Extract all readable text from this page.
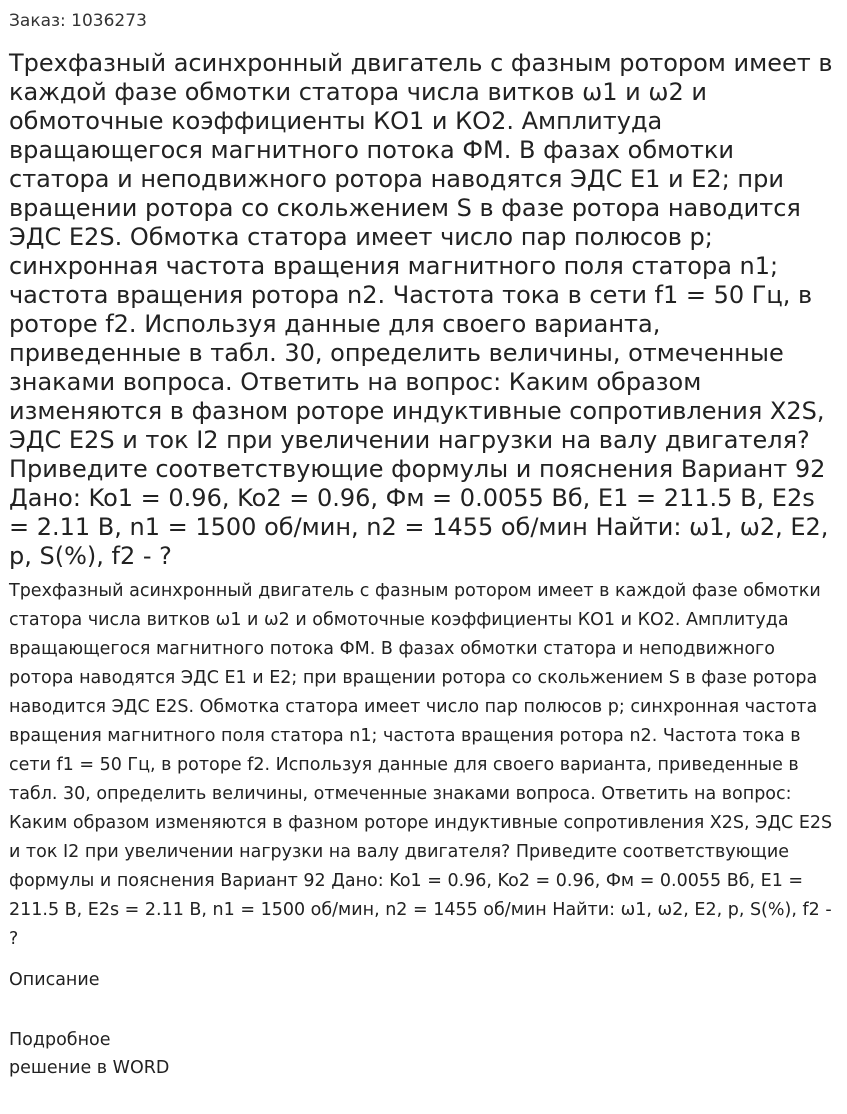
Заказ: 1036273
Трехфазный асинхронный двигатель с фазным ротором имеет в каждой фазе обмотки статора числа витков ω1 и ω2 и обмоточные коэффициенты КО1 и КО2. Амплитуда вращающегося магнитного потока ФМ. В фазах обмотки статора и неподвижного ротора наводятся ЭДС Е1 и Е2; при вращении ротора со скольжением S в фазе ротора наводится ЭДС E2S. Обмотка статора имеет число пар полюсов p; синхронная частота вращения магнитного поля статора n1; частота вращения ротора n2. Частота тока в сети f1 = 50 Гц, в роторе f2. Используя данные для своего варианта, приведенные в табл. 30, определить величины, отмеченные знаками вопроса. Ответить на вопрос: Каким образом изменяются в фазном роторе индуктивные сопротивления X2S, ЭДС E2S и ток I2 при увеличении нагрузки на валу двигателя? Приведите соответствующие формулы и пояснения Вариант 92 Дано: Ko1 = 0.96, Ko2 = 0.96, Фм = 0.0055 Вб, E1 = 211.5 В, E2s = 2.11 В, n1 = 1500 об/мин, n2 = 1455 об/мин Найти: ω1, ω2, E2, p, S(%), f2 - ?

Трехфазный асинхронный двигатель с фазным ротором имеет в каждой фазе обмотки статора числа витков ω1 и ω2 и обмоточные коэффициенты КО1 и КО2. Амплитуда вращающегося магнитного потока ФМ. В фазах обмотки статора и неподвижного ротора наводятся ЭДС Е1 и Е2; при вращении ротора со скольжением S в фазе ротора наводится ЭДС E2S. Обмотка статора имеет число пар полюсов p; синхронная частота вращения магнитного поля статора n1; частота вращения ротора n2. Частота тока в сети f1 = 50 Гц, в роторе f2. Используя данные для своего варианта, приведенные в табл. 30, определить величины, отмеченные знаками вопроса. Ответить на вопрос: Каким образом изменяются в фазном роторе индуктивные сопротивления X2S, ЭДС E2S и ток I2 при увеличении нагрузки на валу двигателя? Приведите соответствующие формулы и пояснения Вариант 92 Дано: Ko1 = 0.96, Ko2 = 0.96, Фм = 0.0055 Вб, E1 = 211.5 В, E2s = 2.11 В, n1 = 1500 об/мин, n2 = 1455 об/мин Найти: ω1, ω2, E2, p, S(%), f2 - ?

Описание
Подробное
решение в WORD
